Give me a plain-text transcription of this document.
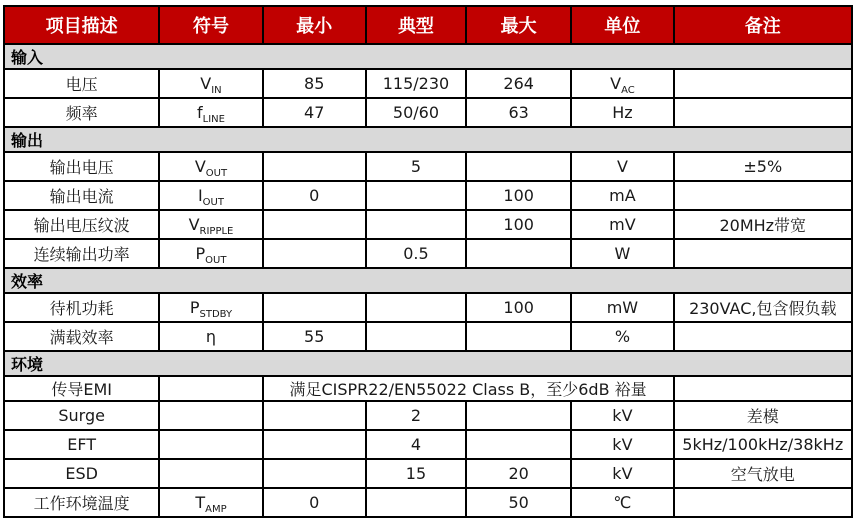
项目描述	符号	最小	典型	最大	单位	备注
输入						
电压	$V_{IN}$	85	115/230	264	$V_{AC}$	
频率	$f_{LINE}$	47	50/60	63	Hz	
输出						
输出电压	$V_{OUT}$		5		V	±5%
输出电流	$I_{OUT}$	0		100	mA	
输出电压纹波	$V_{RIPPLE}$			100	mV	20MHz带宽
连续输出功率	$P_{OUT}$		0.5		W	
效率						
待机功耗	$P_{STDBY}$			100	mW	230VAC,包含假负载
满载效率	η	55			%	
环境						
传导EMI		满足CISPR22/EN55022 Class B，至少6dB 裕量				
Surge			2		kV	差模
EFT			4		kV	5kHz/100kHz/38kHz
ESD			15	20	kV	空气放电
工作环境温度	$T_{AMP}$	0		50	℃	
